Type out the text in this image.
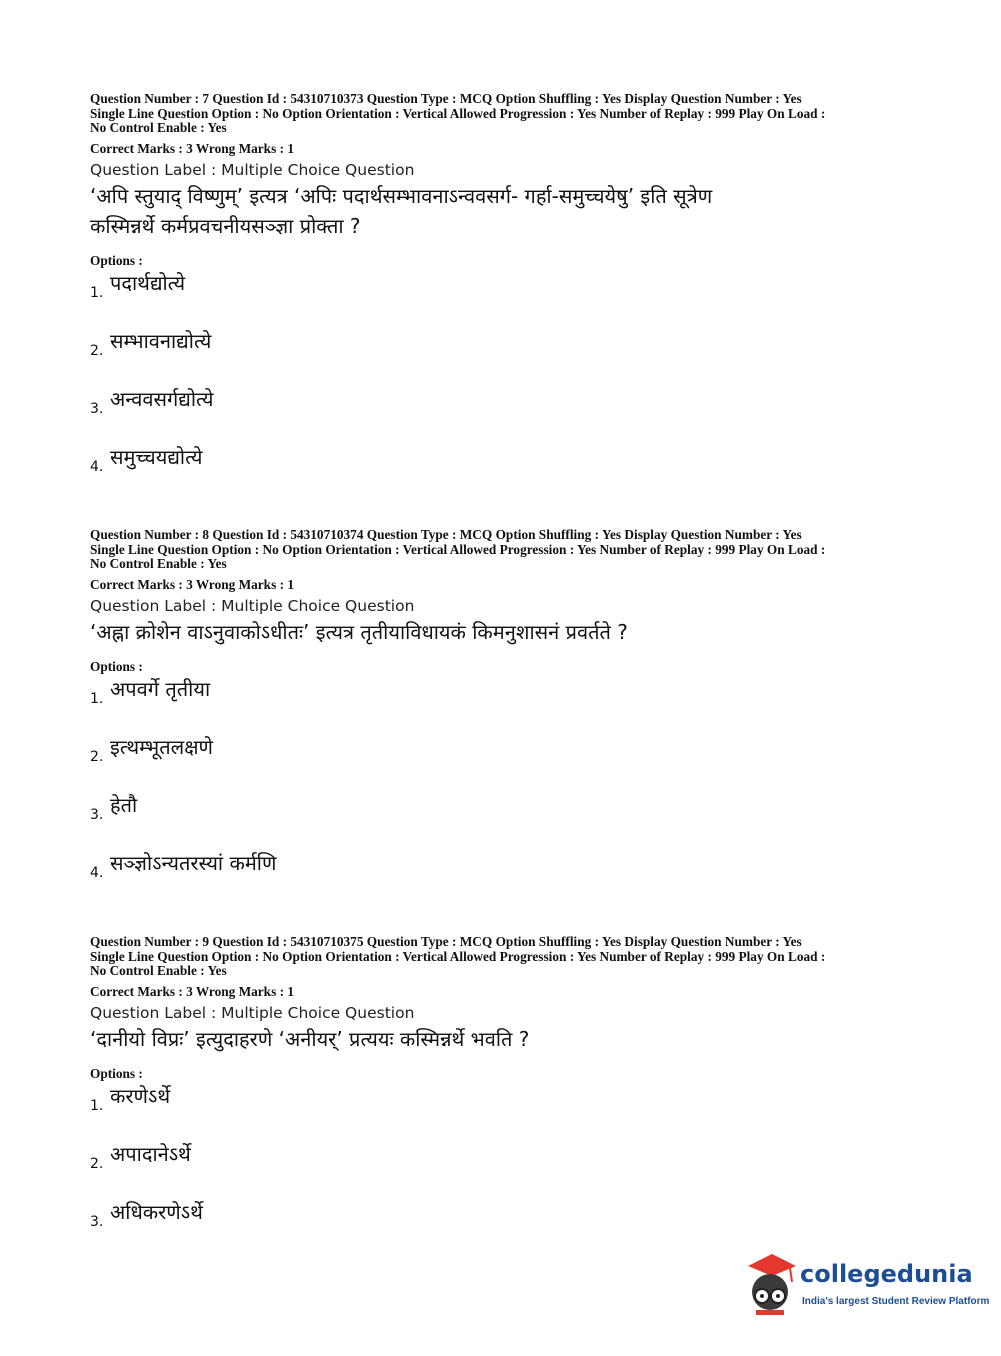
Question Number : 7 Question Id : 54310710373 Question Type : MCQ Option Shuffling : Yes Display Question Number : Yes

Single Line Question Option : No Option Orientation : Vertical Allowed Progression : Yes Number of Replay : 999 Play On Load :

No Control Enable : Yes

Correct Marks : 3 Wrong Marks : 1
Question Label : Multiple Choice Question
‘अपि स्तुयाद् विष्णुम्’ इत्यत्र ‘अपिः पदार्थसम्भावनाऽन्ववसर्ग- गर्हा-समुच्चयेषु’ इति सूत्रेण
कस्मिन्नर्थे कर्मप्रवचनीयसञ्ज्ञा प्रोक्ता ?
Options :
1. पदार्थद्योत्ये
2. सम्भावनाद्योत्ये
3. अन्ववसर्गद्योत्ये
4. समुच्चयद्योत्ये

Question Number : 8 Question Id : 54310710374 Question Type : MCQ Option Shuffling : Yes Display Question Number : Yes

Single Line Question Option : No Option Orientation : Vertical Allowed Progression : Yes Number of Replay : 999 Play On Load :

No Control Enable : Yes

Correct Marks : 3 Wrong Marks : 1
Question Label : Multiple Choice Question
‘अह्ना क्रोशेन वाऽनुवाकोऽधीतः’ इत्यत्र तृतीयाविधायकं किमनुशासनं प्रवर्तते ?
Options :
1. अपवर्गे तृतीया
2. इत्थम्भूतलक्षणे
3. हेतौ
4. सञ्ज्ञोऽन्यतरस्यां कर्मणि

Question Number : 9 Question Id : 54310710375 Question Type : MCQ Option Shuffling : Yes Display Question Number : Yes

Single Line Question Option : No Option Orientation : Vertical Allowed Progression : Yes Number of Replay : 999 Play On Load :

No Control Enable : Yes

Correct Marks : 3 Wrong Marks : 1
Question Label : Multiple Choice Question
‘दानीयो विप्रः’ इत्युदाहरणे ‘अनीयर्’ प्रत्ययः कस्मिन्नर्थे भवति ?
Options :
1. करणेऽर्थे
2. अपादानेऽर्थे
3. अधिकरणेऽर्थे
collegedunia
India's largest Student Review Platform
